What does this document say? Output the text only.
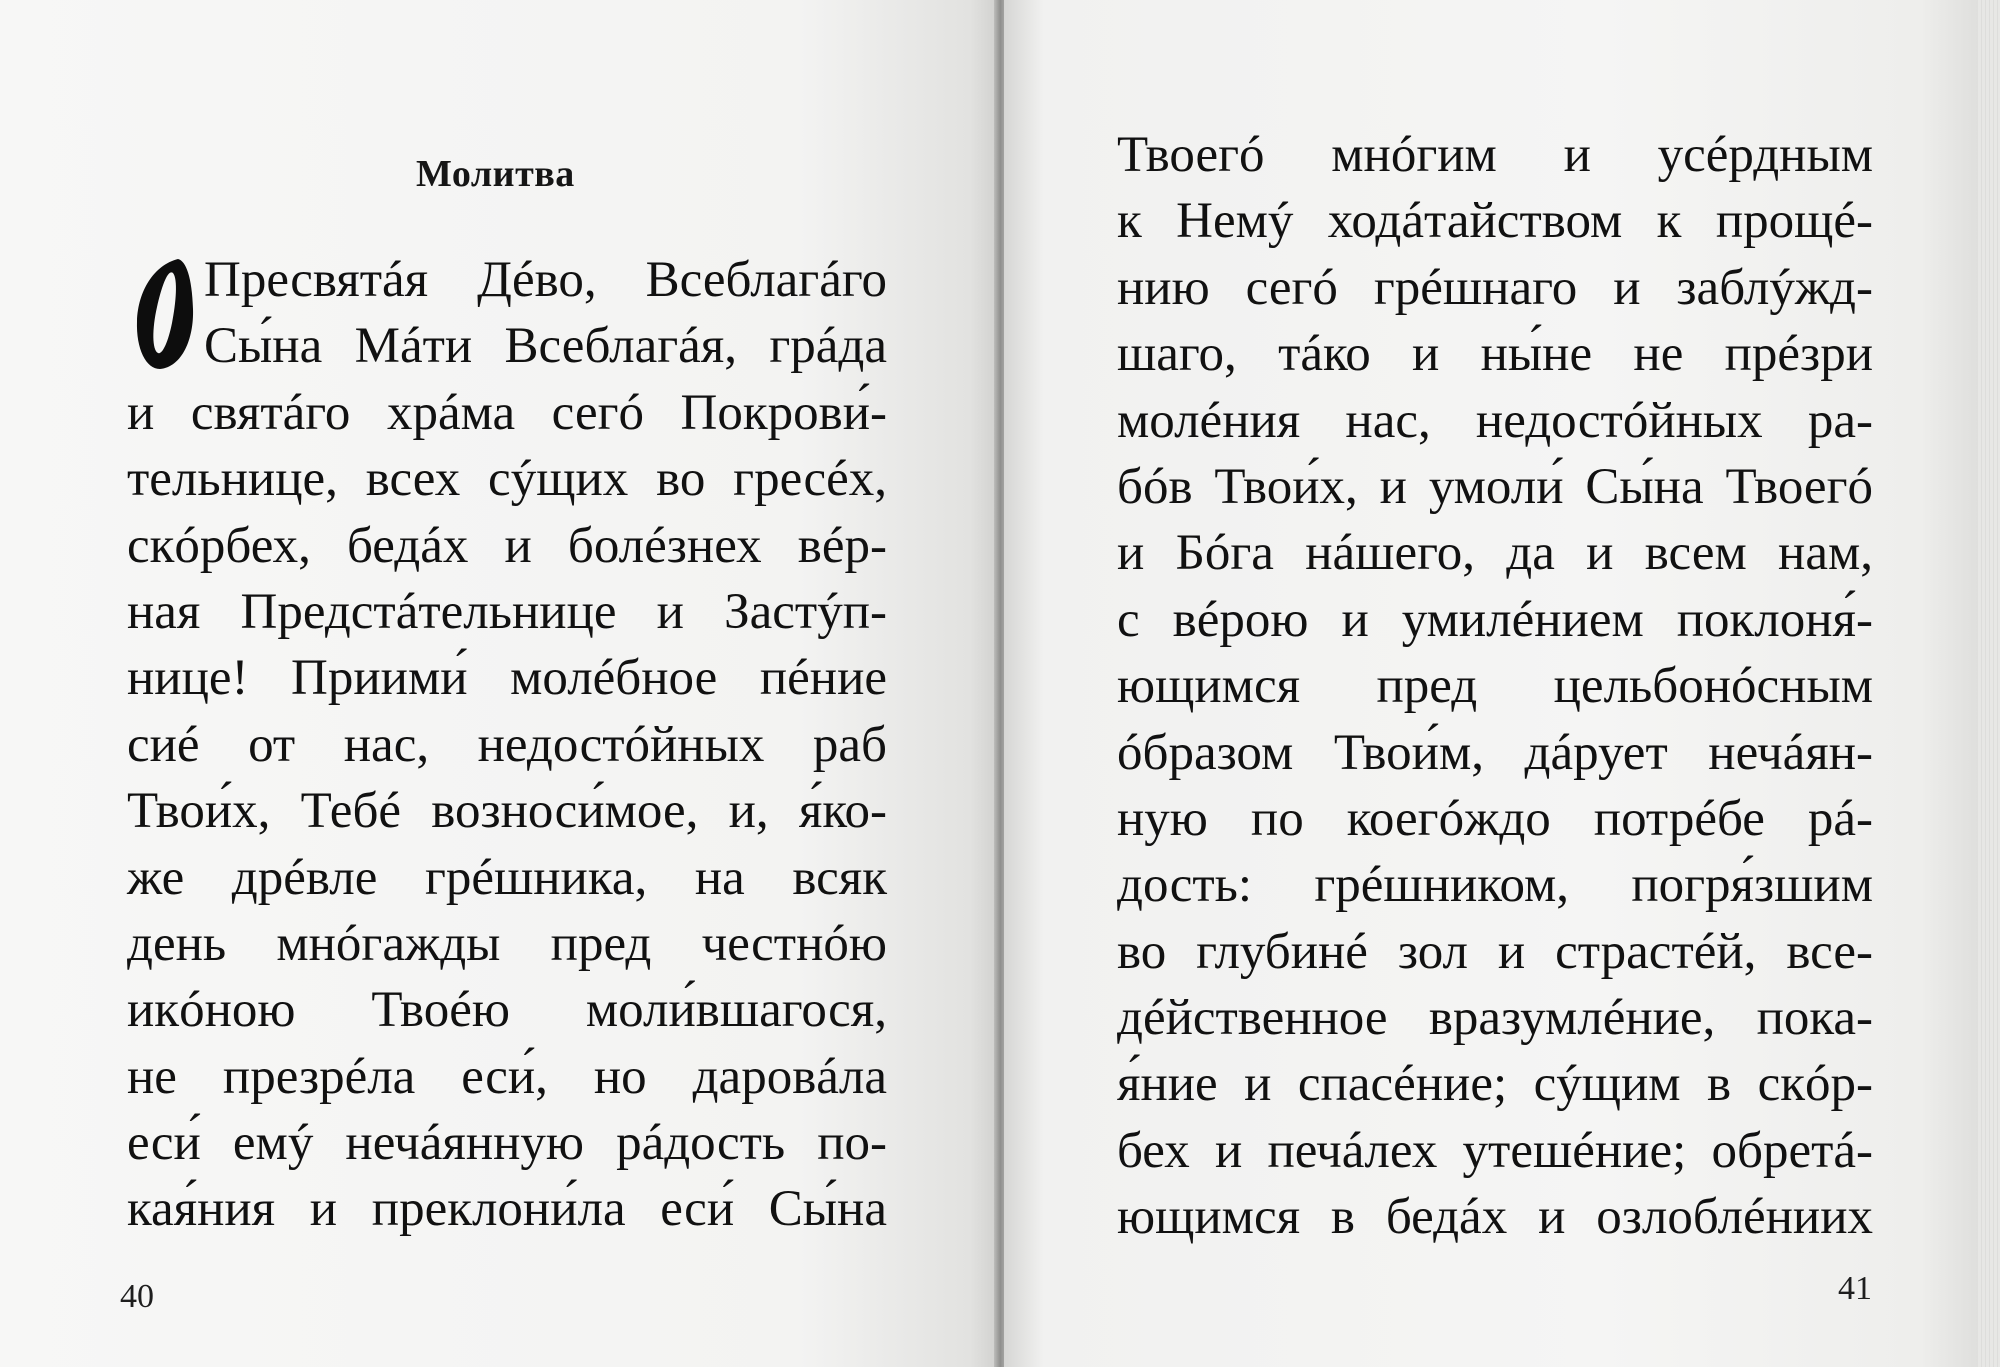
Молитва
Пресвятáя Дéво, Всеблагáго
Сы́на Мáти Всеблагáя, грáда
и святáго хрáма сегó Покрови́-
тельнице, всех сýщих во гресéх,
скóрбех, бедáх и болéзнех вéр-
ная Предстáтельнице и Застýп-
нице! Приими́ молéбное пéние
сиé от нас, недостóйных раб
Твои́х, Тебé возноси́мое, и, я́ко-
же дрéвле грéшника, на всяк
день мнóгажды пред честнóю
икóною Твоéю моли́вшагося,
не презрéла еси́, но даровáла
еси́ емý нечáянную рáдость по-
кая́ния и преклони́ла еси́ Сы́на
40
Твоегó мнóгим и усéрдным
к Немý ходáтайством к прощé-
нию сегó грéшнаго и заблýжд-
шаго, тáко и ны́не не прéзри
молéния нас, недостóйных ра-
бóв Твои́х, и умоли́ Сы́на Твоегó
и Бóга нáшего, да и всем нам,
с вéрою и умилéнием поклоня́-
ющимся пред цельбонóсным
óбразом Твои́м, дáрует нечáян-
ную по коегóждо потрéбе рá-
дость: грéшником, погря́зшим
во глубинé зол и страстéй, все-
дéйственное вразумлéние, пока-
я́ние и спасéние; сýщим в скóр-
бех и печáлех утешéние; обретá-
ющимся в бедáх и озлоблéниих
41
